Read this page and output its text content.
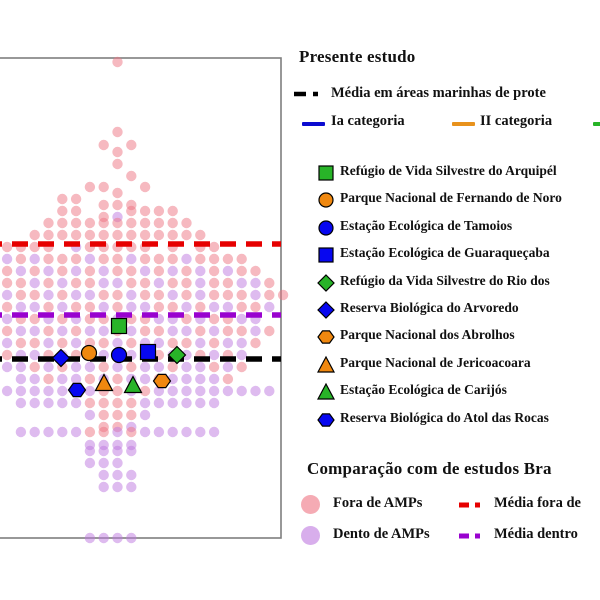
Presente estudo
Média em áreas marinhas de prote
Ia categoria	II categoria
Refúgio de Vida Silvestre do Arquipél
Parque Nacional de Fernando de Noro
Estação Ecológica de Tamoios
Estação Ecológica de Guaraqueçaba
Refúgio da Vida Silvestre do Rio dos
Reserva Biológica do Arvoredo
Parque Nacional dos Abrolhos
Parque Nacional de Jericoacoara
Estação Ecológica de Carijós
Reserva Biológica do Atol das Rocas
Comparação com de estudos Bra
Fora de AMPs	Média fora de
Dento de AMPs	Média dentro
